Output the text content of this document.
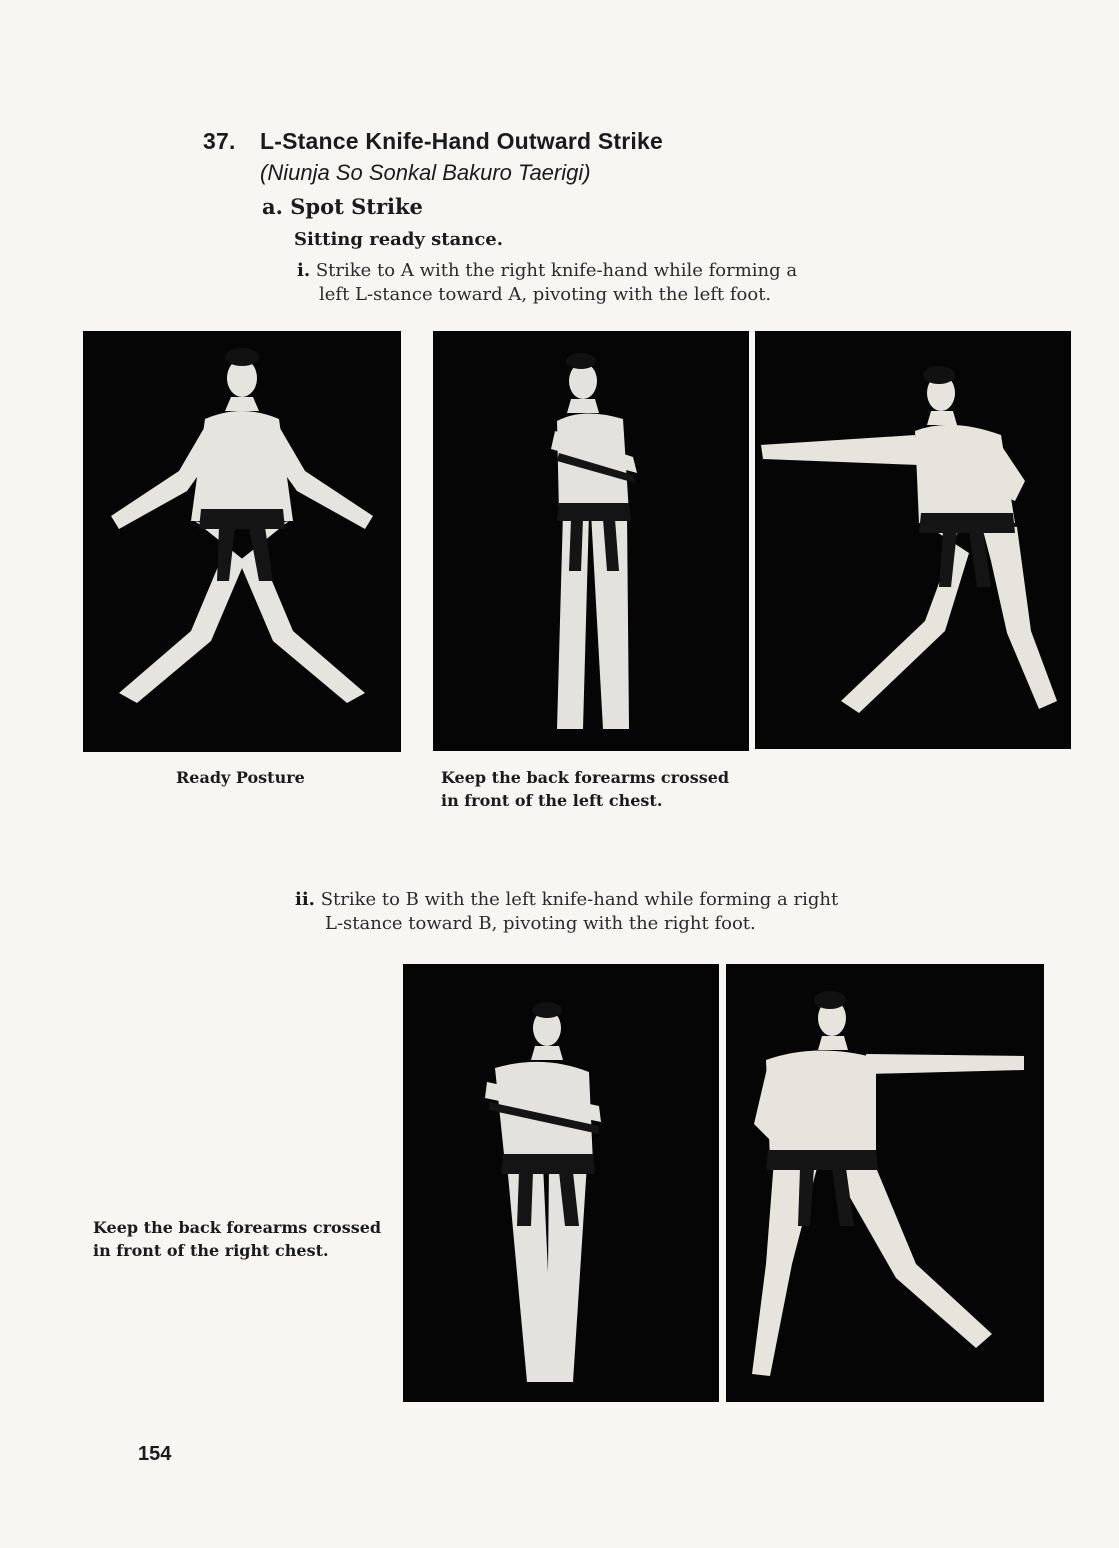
37. L-Stance Knife-Hand Outward Strike
(Niunja So Sonkal Bakuro Taerigi)
a. Spot Strike
Sitting ready stance.
i. Strike to A with the right knife-hand while forming a
left L-stance toward A, pivoting with the left foot.
Ready Posture	Keep the back forearms crossed
in front of the left chest.
ii. Strike to B with the left knife-hand while forming a right
L-stance toward B, pivoting with the right foot.
Keep the back forearms crossed
in front of the right chest.
154
